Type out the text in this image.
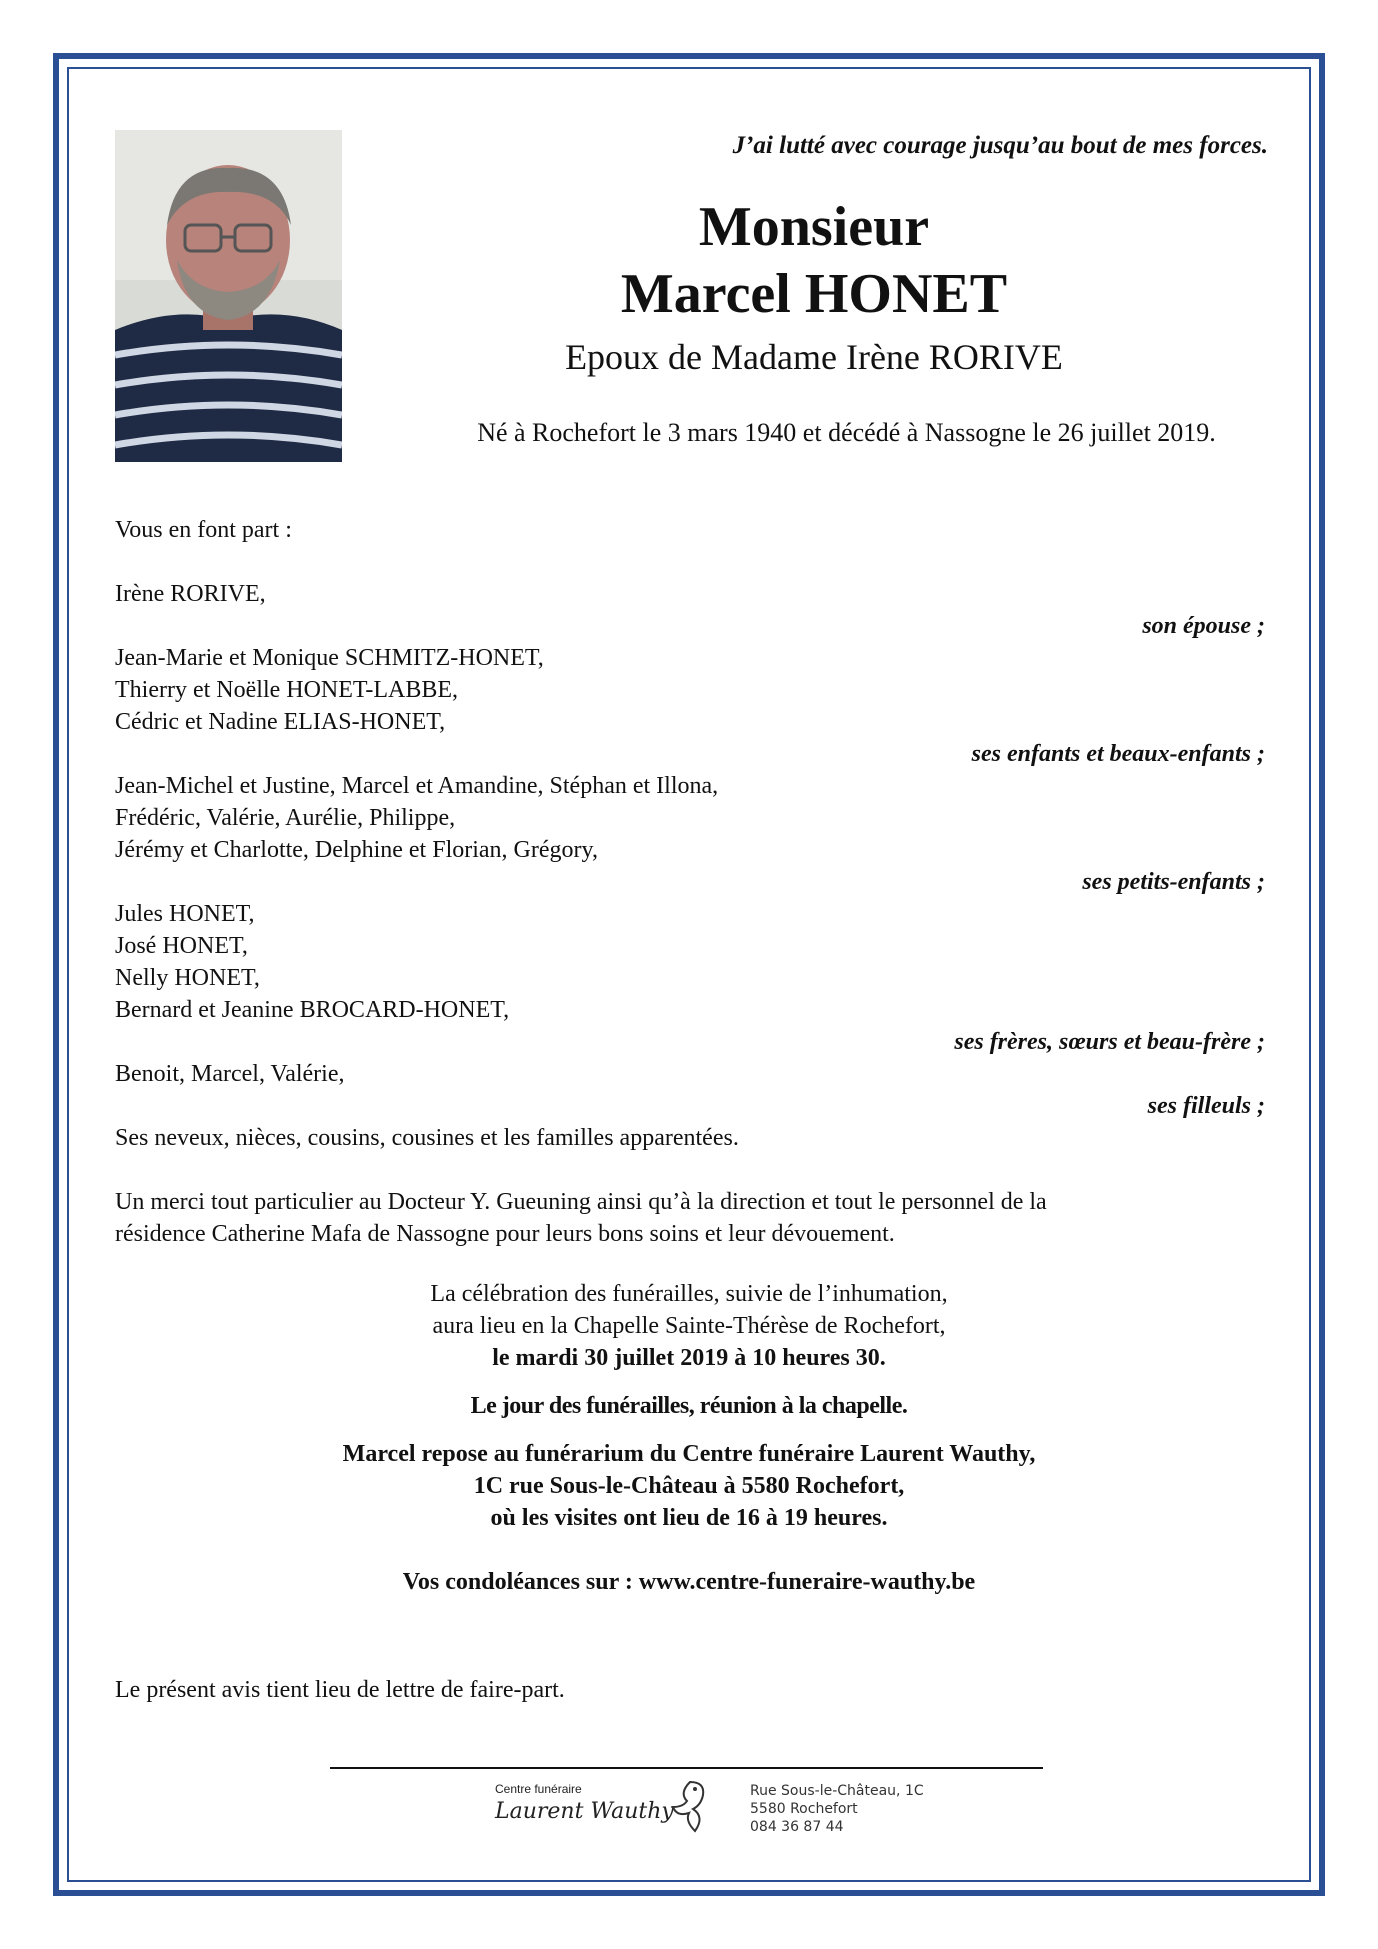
J’ai lutté avec courage jusqu’au bout de mes forces.
Monsieur
Marcel HONET
Epoux de Madame Irène RORIVE
Né à Rochefort le 3 mars 1940 et décédé à Nassogne le 26 juillet 2019.
Vous en font part :
Irène RORIVE,
son épouse ;
Jean-Marie et Monique SCHMITZ-HONET,
Thierry et Noëlle HONET-LABBE,
Cédric et Nadine ELIAS-HONET,
ses enfants et beaux-enfants ;
Jean-Michel et Justine, Marcel et Amandine, Stéphan et Illona,
Frédéric, Valérie, Aurélie, Philippe,
Jérémy et Charlotte, Delphine et Florian, Grégory,
ses petits-enfants ;
Jules HONET,
José HONET,
Nelly HONET,
Bernard et Jeanine BROCARD-HONET,
ses frères, sœurs et beau-frère ;
Benoit, Marcel, Valérie,
ses filleuls ;
Ses neveux, nièces, cousins, cousines et les familles apparentées.
Un merci tout particulier au Docteur Y. Gueuning ainsi qu’à la direction et tout le personnel de la
résidence Catherine Mafa de Nassogne pour leurs bons soins et leur dévouement.
La célébration des funérailles, suivie de l’inhumation,
aura lieu en la Chapelle Sainte-Thérèse de Rochefort,
le mardi 30 juillet 2019 à 10 heures 30.
Le jour des funérailles, réunion à la chapelle.
Marcel repose au funérarium du Centre funéraire Laurent Wauthy,
1C rue Sous-le-Château à 5580 Rochefort,
où les visites ont lieu de 16 à 19 heures.
Vos condoléances sur : www.centre-funeraire-wauthy.be
Le présent avis tient lieu de lettre de faire-part.
Centre funéraire
Laurent Wauthy
Rue Sous-le-Château, 1C
5580 Rochefort
084 36 87 44
